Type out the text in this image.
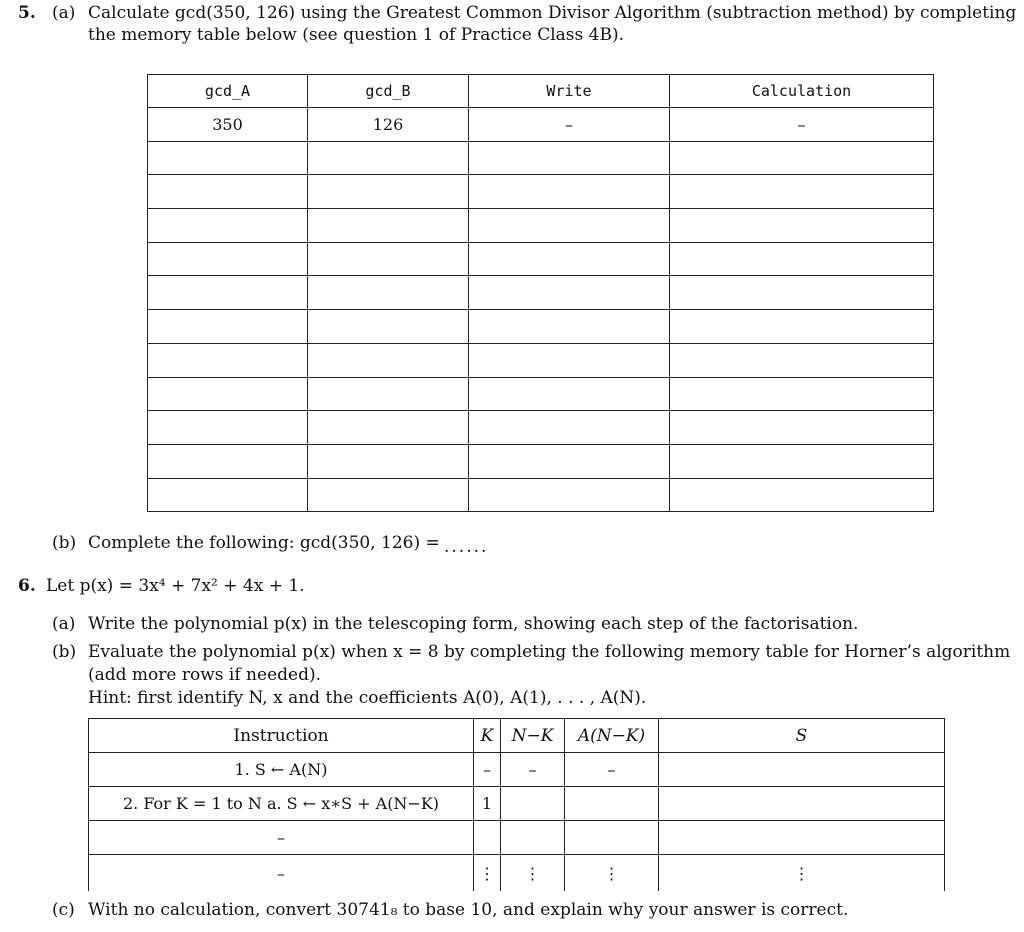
5. (a) Calculate gcd(350, 126) using the Greatest Common Divisor Algorithm (subtraction method) by completing
the memory table below (see question 1 of Practice Class 4B).
gcd_A	gcd_B	Write	Calculation
350	126	–	–

(b) Complete the following: gcd(350, 126) = ......
6. Let p(x) = 3x⁴ + 7x² + 4x + 1.
(a) Write the polynomial p(x) in the telescoping form, showing each step of the factorisation.
(b) Evaluate the polynomial p(x) when x = 8 by completing the following memory table for Horner’s algorithm
(add more rows if needed).
Hint: first identify N, x and the coefficients A(0), A(1), . . . , A(N).
Instruction	K	N−K	A(N−K)	S
1. S ← A(N)	–	–	–	
2. For K = 1 to N a. S ← x∗S + A(N−K)	1			
–				
–	⋮	⋮	⋮	⋮
(c) With no calculation, convert 30741₈ to base 10, and explain why your answer is correct.
